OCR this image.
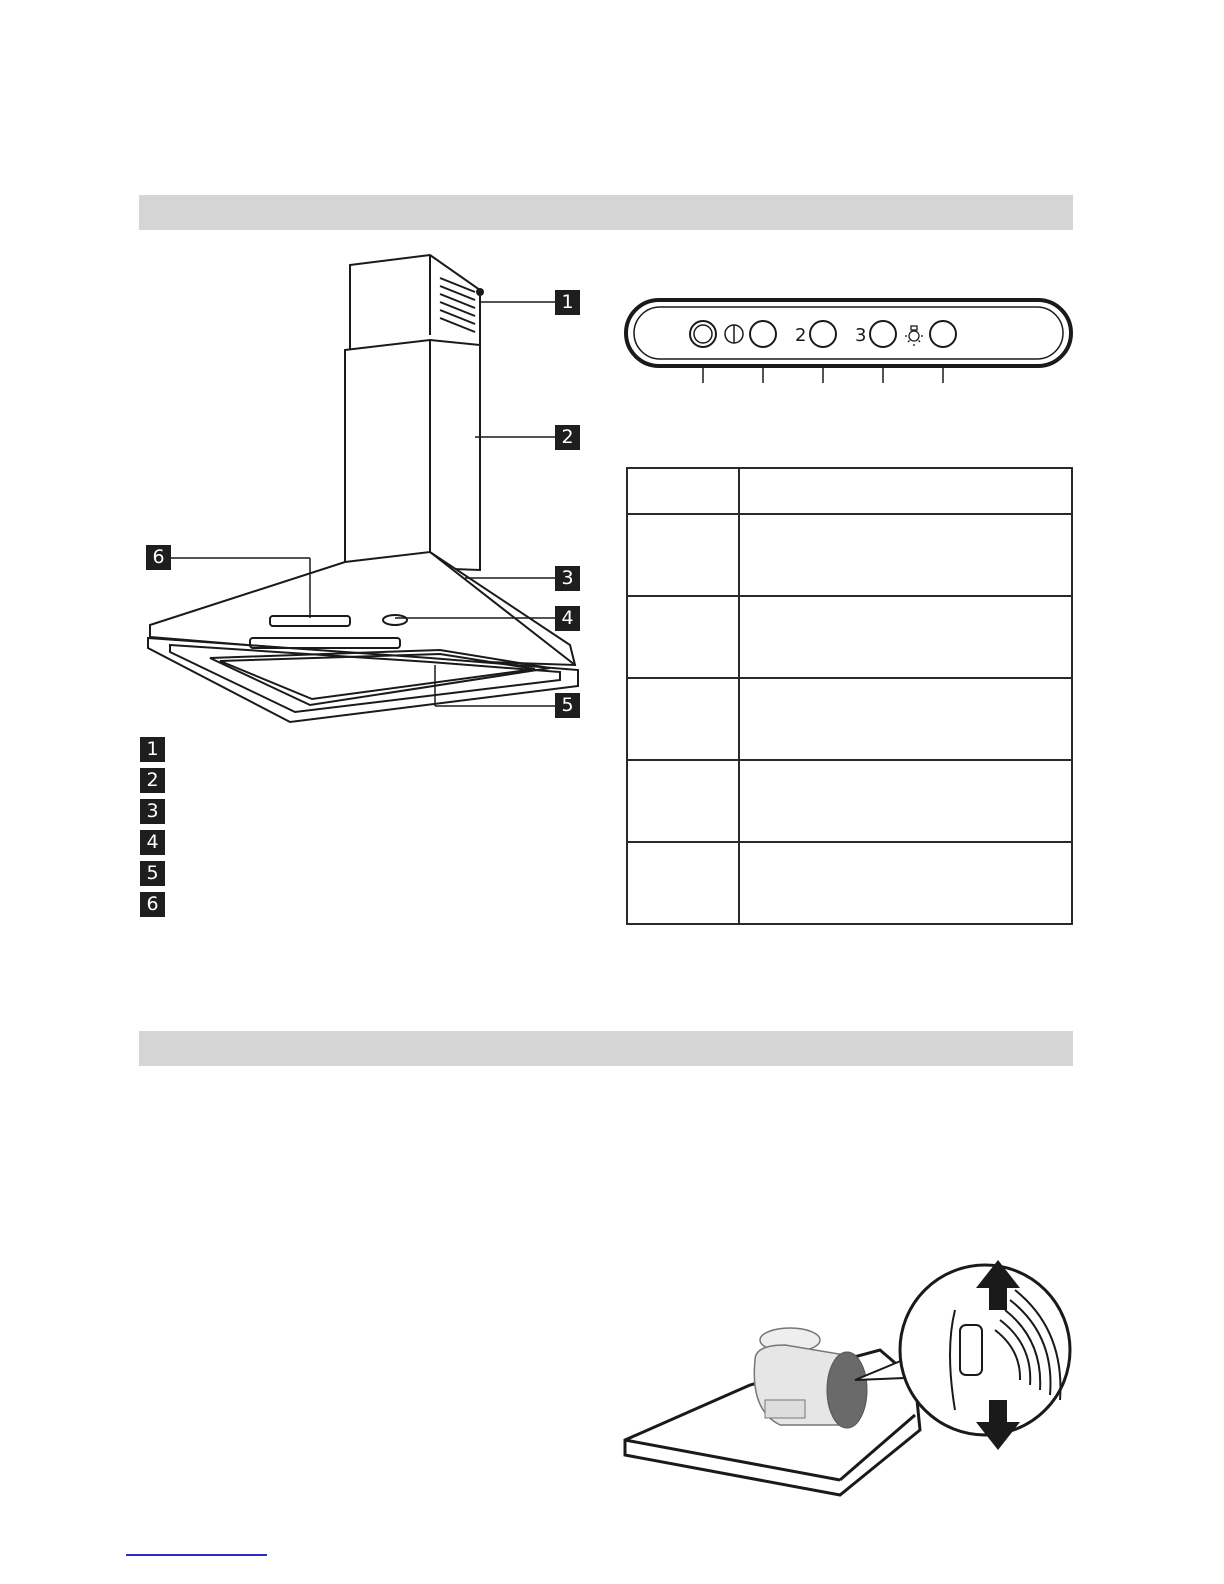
1
2
3
4
5
6
1
2
3
4
5
6
2	3
